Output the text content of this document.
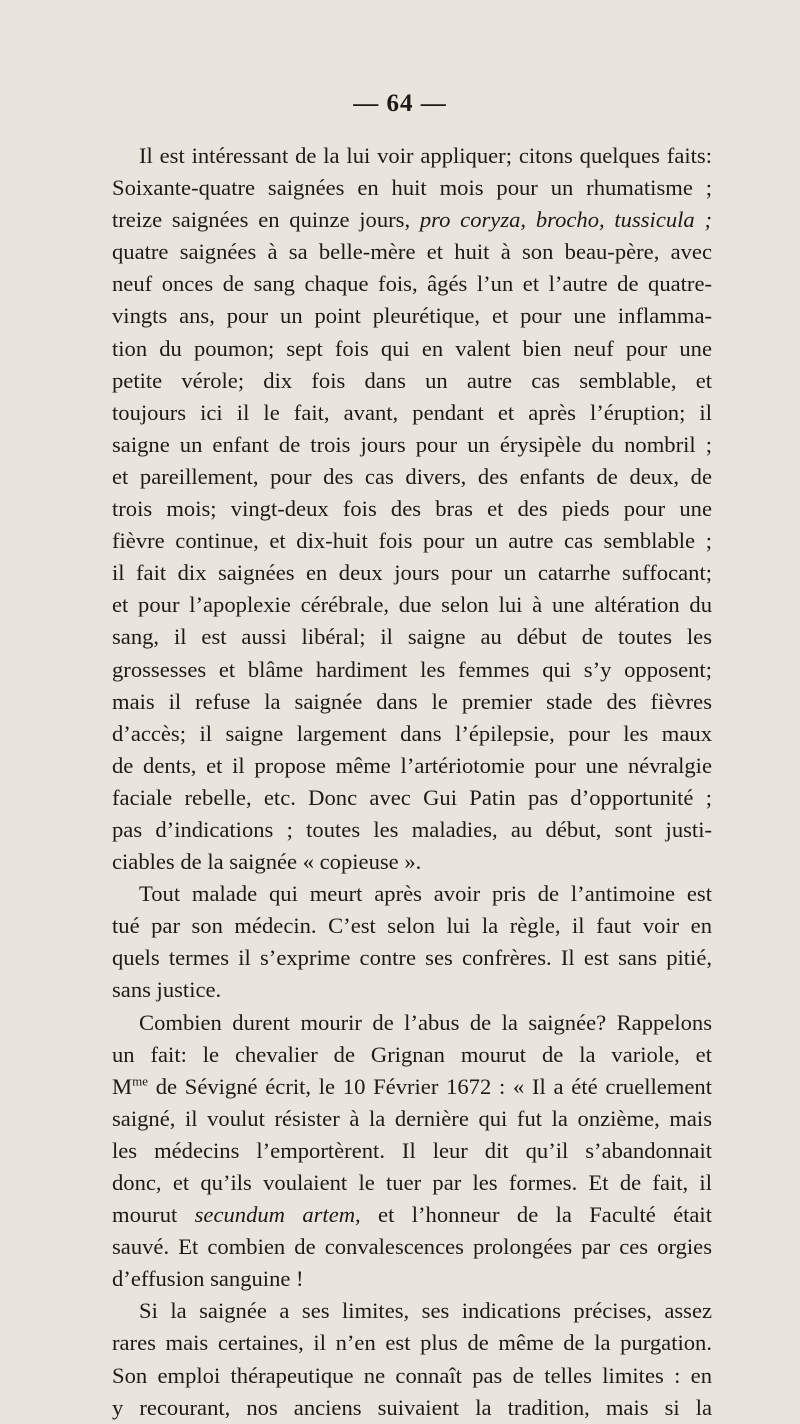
— 64 —

Il est intéressant de la lui voir appliquer; citons quelques faits:
Soixante-quatre saignées en huit mois pour un rhumatisme ;
treize saignées en quinze jours, pro coryza, brocho, tussicula ;
quatre saignées à sa belle-mère et huit à son beau-père, avec
neuf onces de sang chaque fois, âgés l’un et l’autre de quatre-
vingts ans, pour un point pleurétique, et pour une inflamma-
tion du poumon; sept fois qui en valent bien neuf pour une
petite vérole; dix fois dans un autre cas semblable, et
toujours ici il le fait, avant, pendant et après l’éruption; il
saigne un enfant de trois jours pour un érysipèle du nombril ;
et pareillement, pour des cas divers, des enfants de deux, de
trois mois; vingt-deux fois des bras et des pieds pour une
fièvre continue, et dix-huit fois pour un autre cas semblable ;
il fait dix saignées en deux jours pour un catarrhe suffocant;
et pour l’apoplexie cérébrale, due selon lui à une altération du
sang, il est aussi libéral; il saigne au début de toutes les
grossesses et blâme hardiment les femmes qui s’y opposent;
mais il refuse la saignée dans le premier stade des fièvres
d’accès; il saigne largement dans l’épilepsie, pour les maux
de dents, et il propose même l’artériotomie pour une névralgie
faciale rebelle, etc. Donc avec Gui Patin pas d’opportunité ;
pas d’indications ; toutes les maladies, au début, sont justi-
ciables de la saignée « copieuse ».

Tout malade qui meurt après avoir pris de l’antimoine est
tué par son médecin. C’est selon lui la règle, il faut voir en
quels termes il s’exprime contre ses confrères. Il est sans pitié,
sans justice.

Combien durent mourir de l’abus de la saignée? Rappelons
un fait: le chevalier de Grignan mourut de la variole, et
$M^{me}$ de Sévigné écrit, le 10 Février 1672 : « Il a été cruellement
saigné, il voulut résister à la dernière qui fut la onzième, mais
les médecins l’emportèrent. Il leur dit qu’il s’abandonnait
donc, et qu’ils voulaient le tuer par les formes. Et de fait, il
mourut secundum artem, et l’honneur de la Faculté était
sauvé. Et combien de convalescences prolongées par ces orgies
d’effusion sanguine !

Si la saignée a ses limites, ses indications précises, assez
rares mais certaines, il n’en est plus de même de la purgation.
Son emploi thérapeutique ne connaît pas de telles limites : en
y recourant, nos anciens suivaient la tradition, mais si la
